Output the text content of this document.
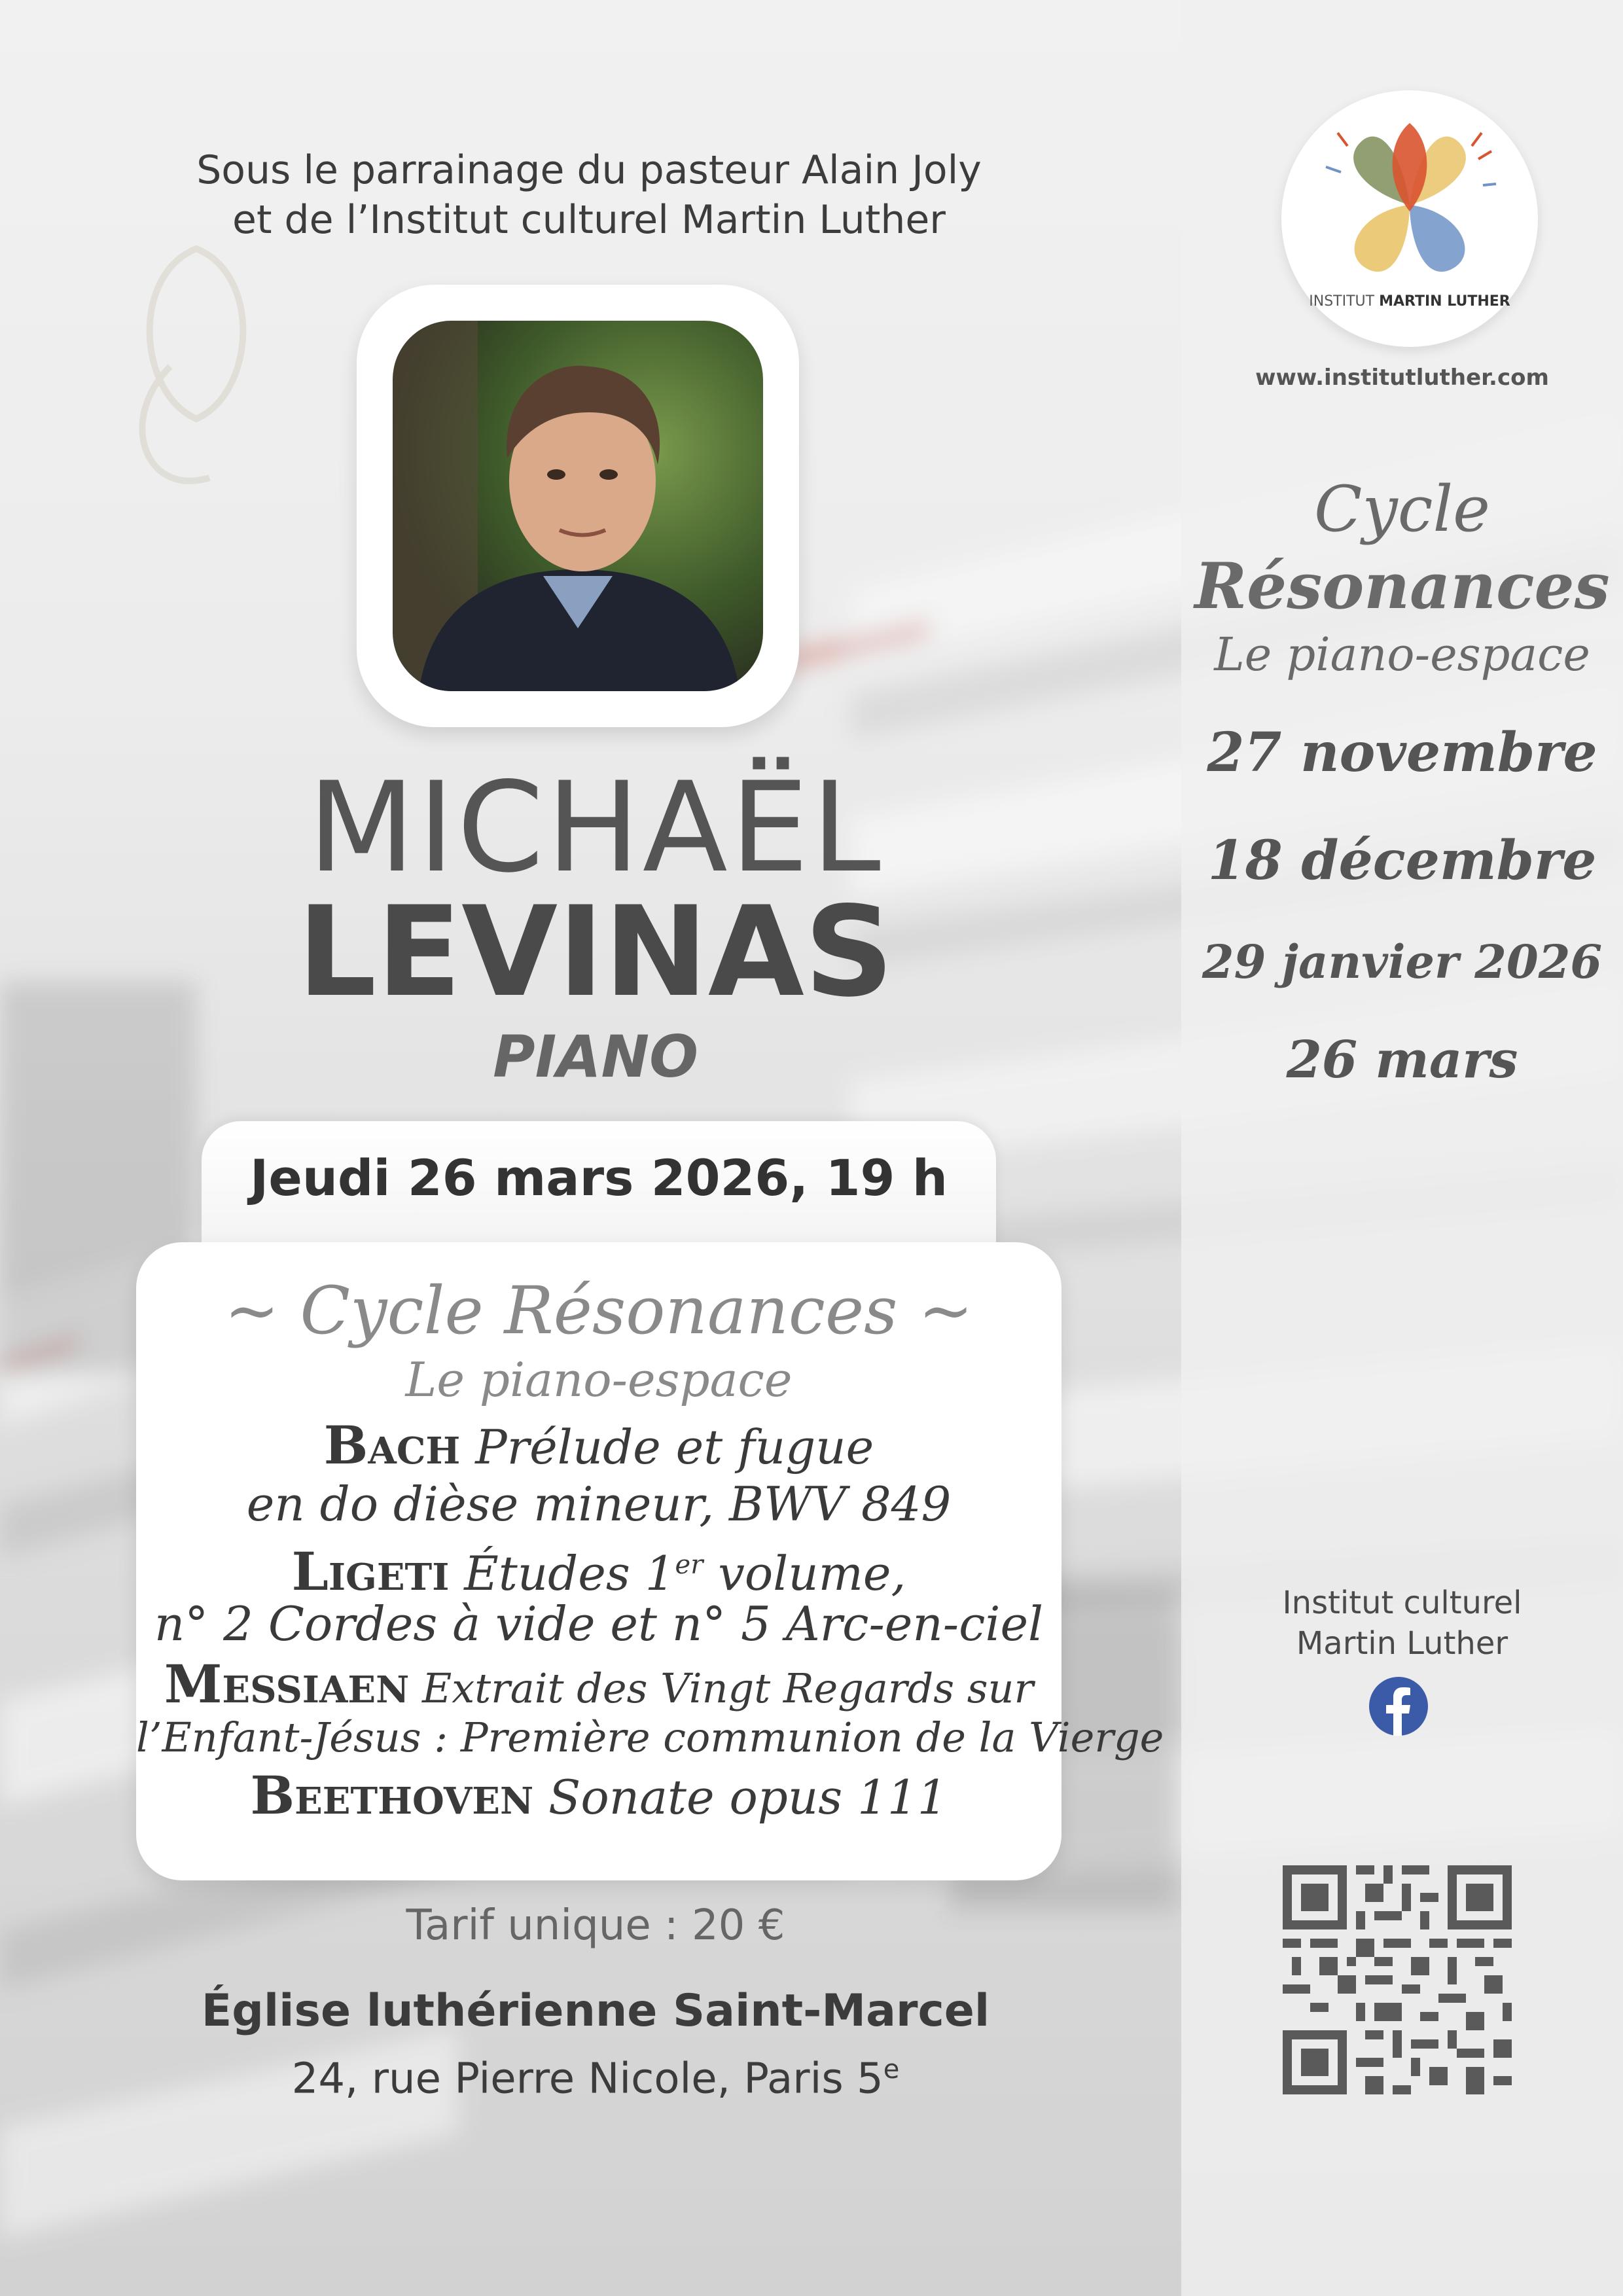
Sous le parrainage du pasteur Alain Joly
et de l’Institut culturel Martin Luther
MICHAËL
LEVINAS
PIANO
Jeudi 26 mars 2026, 19 h
~ Cycle Résonances ~
Le piano-espace
Bach Prélude et fugue
en do dièse mineur, BWV 849
Ligeti Études 1er volume,
n° 2 Cordes à vide et n° 5 Arc-en-ciel
Messiaen Extrait des Vingt Regards sur
l’Enfant-Jésus : Première communion de la Vierge
Beethoven Sonate opus 111
Tarif unique : 20 €
Église luthérienne Saint-Marcel
24, rue Pierre Nicole, Paris 5e
INSTITUT MARTIN LUTHER
www.institutluther.com
Cycle
Résonances
Le piano-espace
27 novembre
18 décembre
29 janvier 2026
26 mars
Institut culturel
Martin Luther
